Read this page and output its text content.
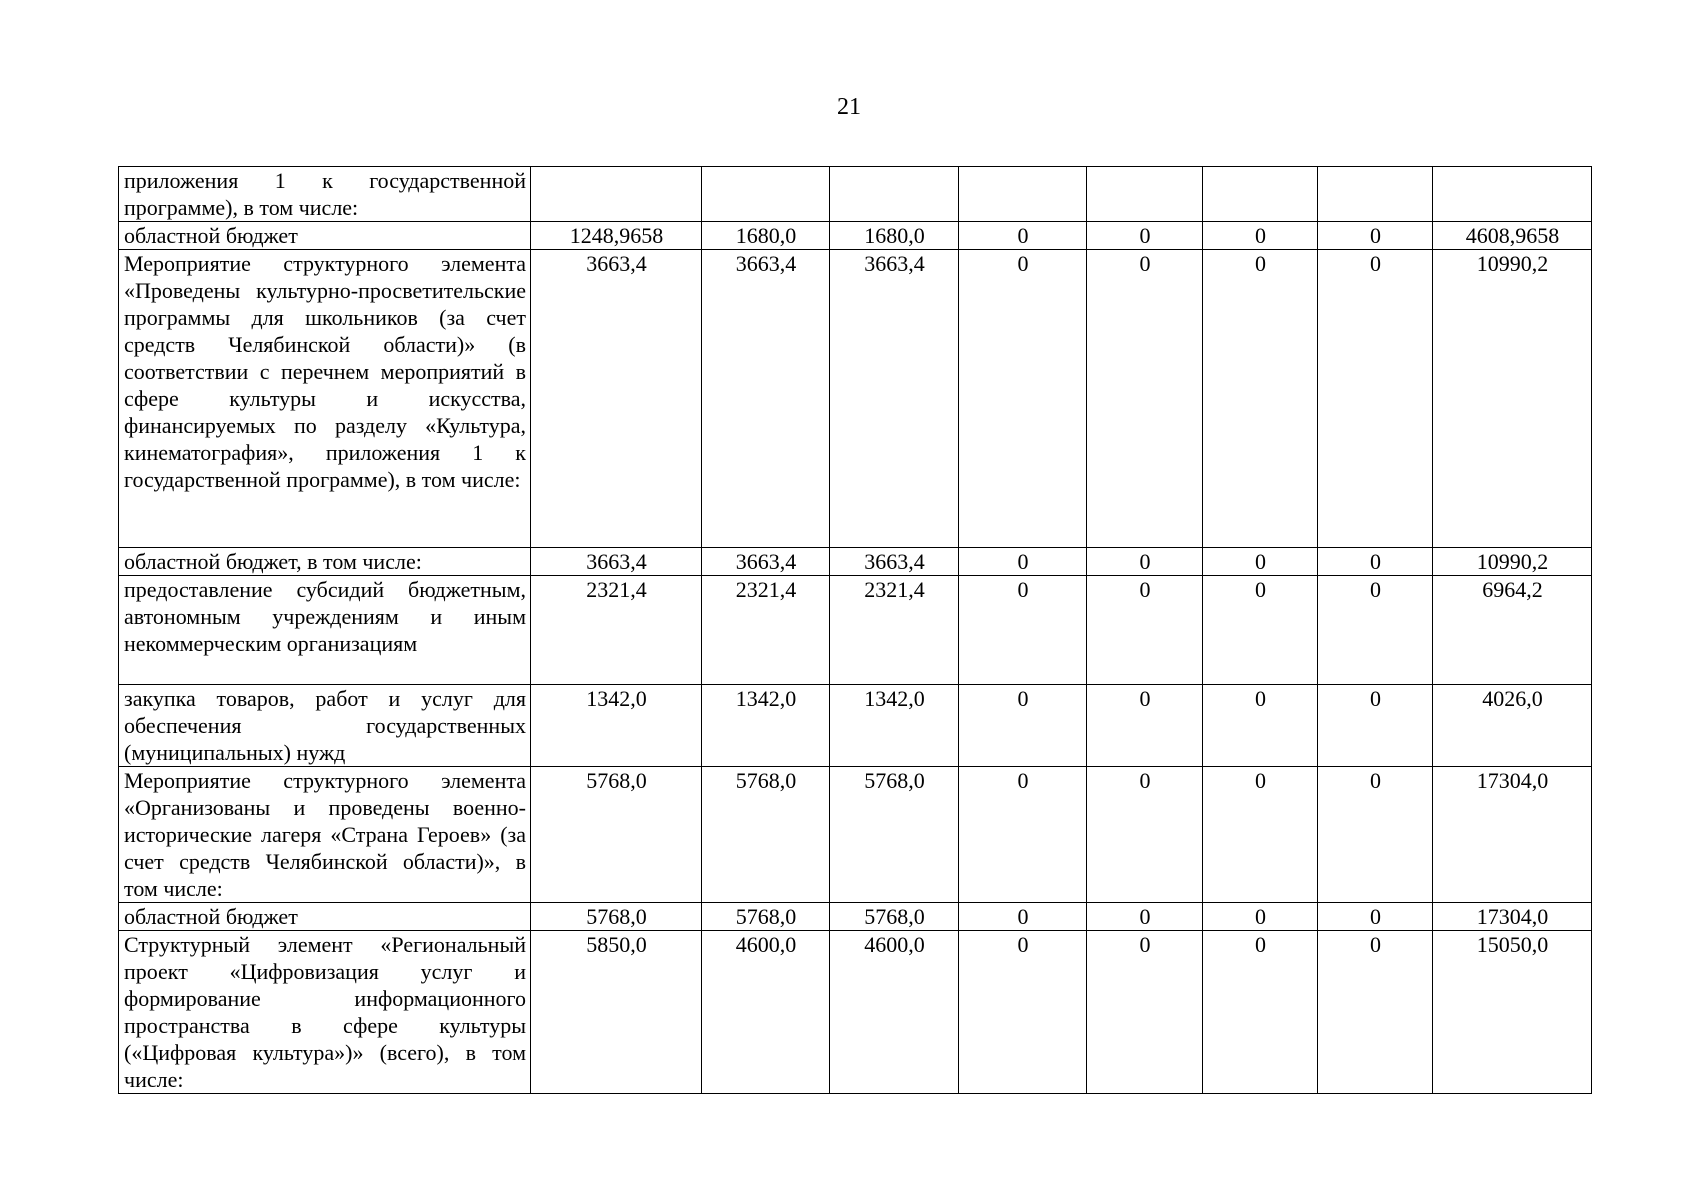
21
приложения 1 к государственной программе), в том числе:								
областной бюджет	1248,9658	1680,0	1680,0	0	0	0	0	4608,9658
Мероприятие структурного элемента «Проведены культурно-просветительские программы для школьников (за счет средств Челябинской области)» (в соответствии с перечнем мероприятий в сфере культуры и искусства, финансируемых по разделу «Культура, кинематография», приложения 1 к государственной программе), в том числе:	3663,4	3663,4	3663,4	0	0	0	0	10990,2
областной бюджет, в том числе:	3663,4	3663,4	3663,4	0	0	0	0	10990,2
предоставление субсидий бюджетным, автономным учреждениям и иным некоммерческим организациям	2321,4	2321,4	2321,4	0	0	0	0	6964,2
закупка товаров, работ и услуг для обеспечения государственных (муниципальных) нужд	1342,0	1342,0	1342,0	0	0	0	0	4026,0
Мероприятие структурного элемента «Организованы и проведены военно-исторические лагеря «Страна Героев» (за счет средств Челябинской области)», в том числе:	5768,0	5768,0	5768,0	0	0	0	0	17304,0
областной бюджет	5768,0	5768,0	5768,0	0	0	0	0	17304,0
Структурный элемент «Региональный проект «Цифровизация услуг и формирование информационного пространства в сфере культуры («Цифровая культура»)» (всего), в том числе:	5850,0	4600,0	4600,0	0	0	0	0	15050,0
